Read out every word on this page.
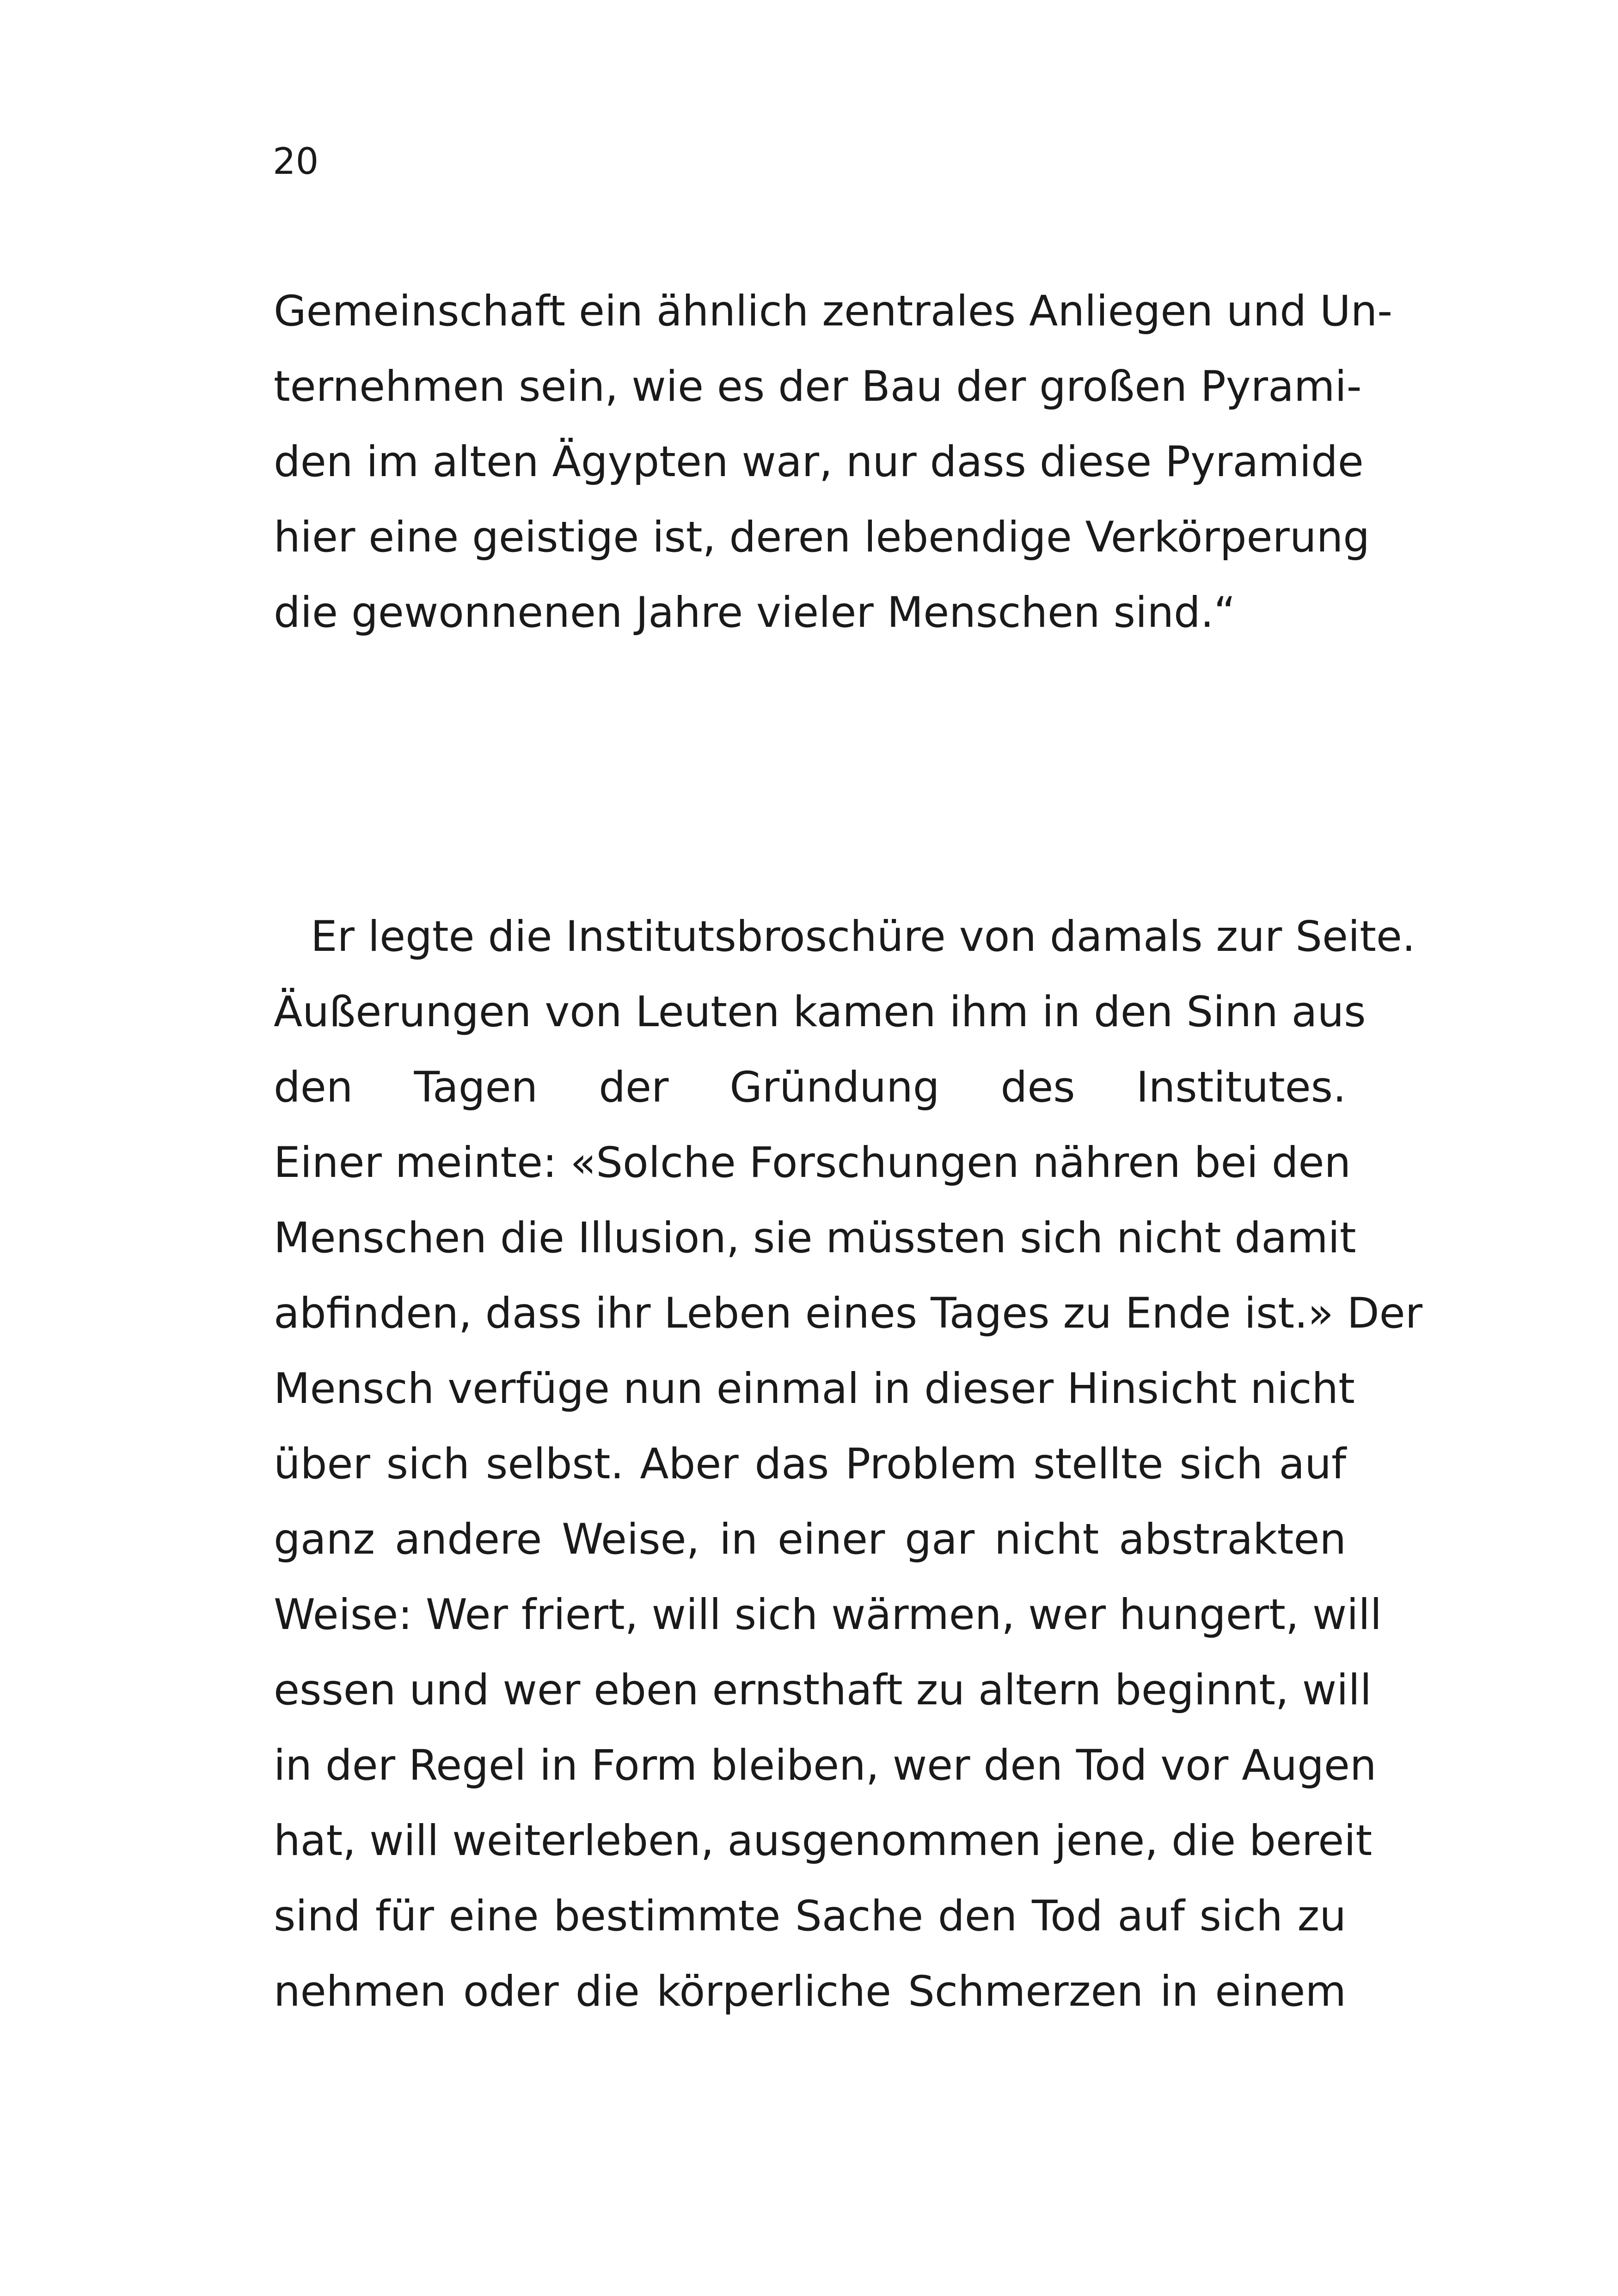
20
Gemeinschaft ein ähnlich zentrales Anliegen und Un-
ternehmen sein, wie es der Bau der großen Pyrami-
den im alten Ägypten war, nur dass diese Pyramide
hier eine geistige ist, deren lebendige Verkörperung
die gewonnenen Jahre vieler Menschen sind.“
Er legte die Institutsbroschüre von damals zur Seite.
Äußerungen von Leuten kamen ihm in den Sinn aus
den Tagen der Gründung des Institutes.
Einer meinte: «Solche Forschungen nähren bei den
Menschen die Illusion, sie müssten sich nicht damit
abfinden, dass ihr Leben eines Tages zu Ende ist.» Der
Mensch verfüge nun einmal in dieser Hinsicht nicht
über sich selbst. Aber das Problem stellte sich auf
ganz andere Weise, in einer gar nicht abstrakten
Weise: Wer friert, will sich wärmen, wer hungert, will
essen und wer eben ernsthaft zu altern beginnt, will
in der Regel in Form bleiben, wer den Tod vor Augen
hat, will weiterleben, ausgenommen jene, die bereit
sind für eine bestimmte Sache den Tod auf sich zu
nehmen oder die körperliche Schmerzen in einem
